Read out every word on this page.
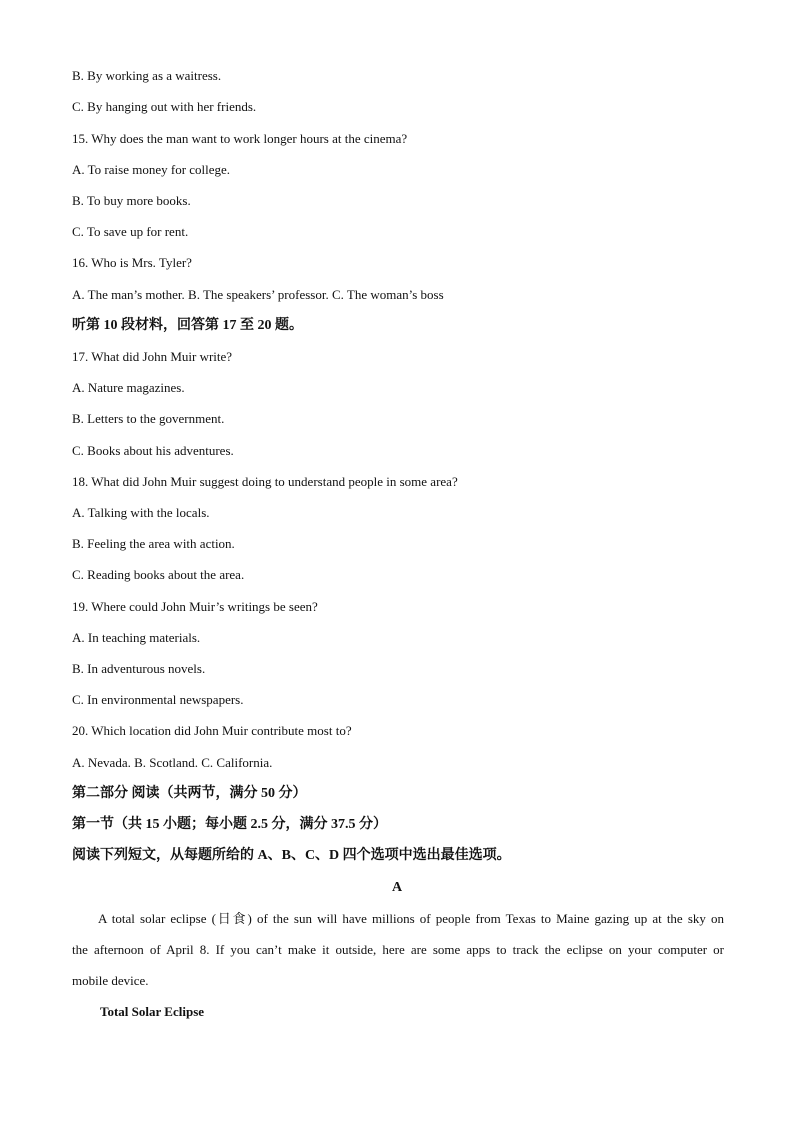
B. By working as a waitress.
C. By hanging out with her friends.
15. Why does the man want to work longer hours at the cinema?
A. To raise money for college.
B. To buy more books.
C. To save up for rent.
16. Who is Mrs. Tyler?
A. The man’s mother. B. The speakers’ professor. C. The woman’s boss
听第 10 段材料，回答第 17 至 20 题。
17. What did John Muir write?
A. Nature magazines.
B. Letters to the government.
C. Books about his adventures.
18. What did John Muir suggest doing to understand people in some area?
A. Talking with the locals.
B. Feeling the area with action.
C. Reading books about the area.
19. Where could John Muir’s writings be seen?
A. In teaching materials.
B. In adventurous novels.
C. In environmental newspapers.
20. Which location did John Muir contribute most to?
A. Nevada. B. Scotland. C. California.
第二部分 阅读（共两节，满分 50 分）
第一节（共 15 小题；每小题 2.5 分，满分 37.5 分）
阅读下列短文，从每题所给的 A、B、C、D 四个选项中选出最佳选项。
A
A total solar eclipse (日食) of the sun will have millions of people from Texas to Maine gazing up at the sky on
the afternoon of April 8. If you can’t make it outside, here are some apps to track the eclipse on your computer or
mobile device.
Total Solar Eclipse
